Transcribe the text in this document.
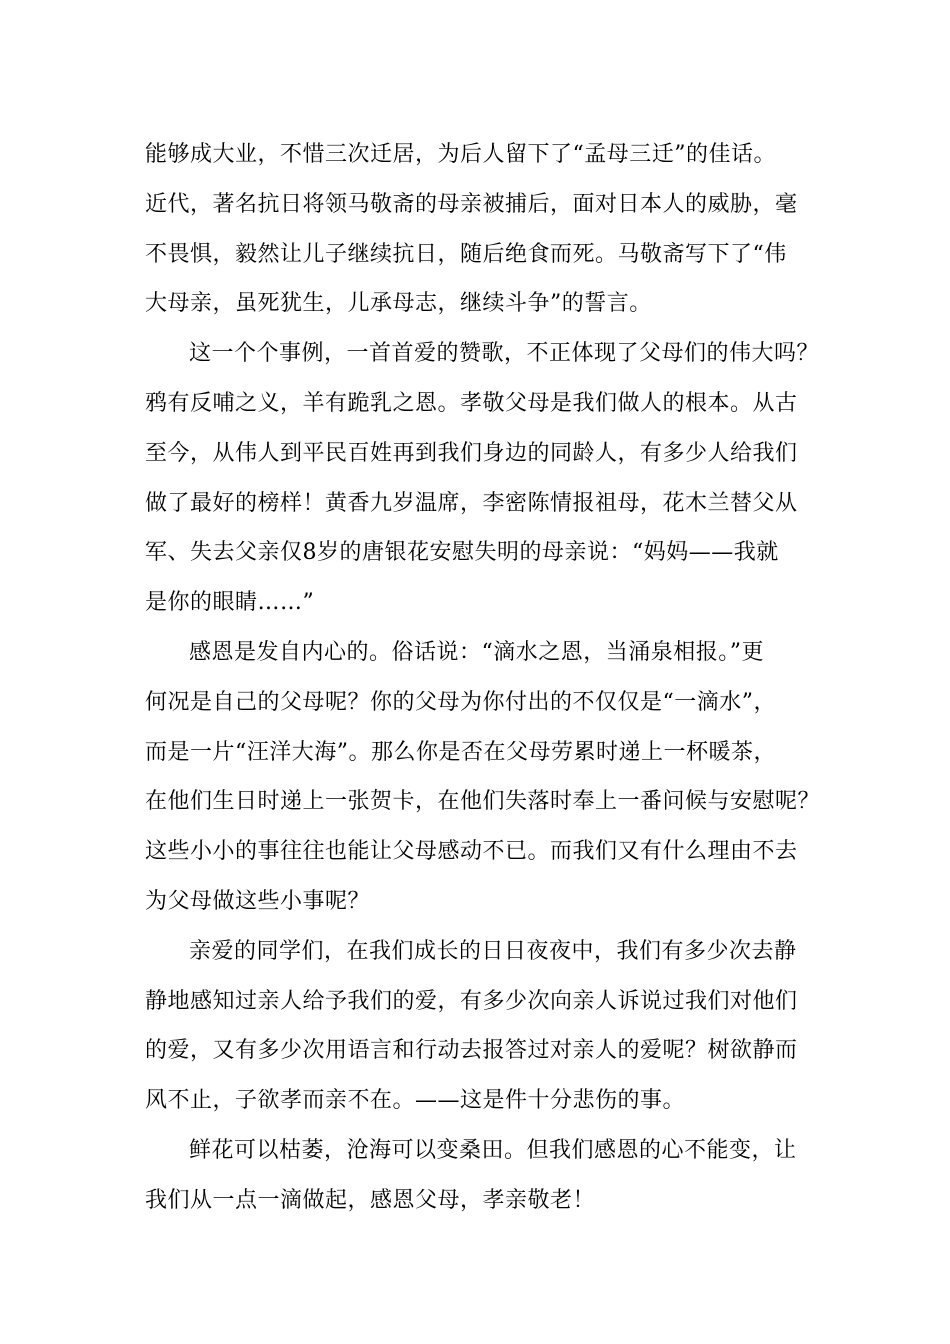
能够成大业，不惜三次迁居，为后人留下了“孟母三迁”的佳话。
近代，著名抗日将领马敬斋的母亲被捕后，面对日本人的威胁，毫
不畏惧，毅然让儿子继续抗日，随后绝食而死。马敬斋写下了“伟
大母亲，虽死犹生，儿承母志，继续斗争”的誓言。
这一个个事例，一首首爱的赞歌，不正体现了父母们的伟大吗？
鸦有反哺之义，羊有跪乳之恩。孝敬父母是我们做人的根本。从古
至今，从伟人到平民百姓再到我们身边的同龄人，有多少人给我们
做了最好的榜样！黄香九岁温席，李密陈情报祖母，花木兰替父从
军、失去父亲仅8岁的唐银花安慰失明的母亲说：“妈妈——我就
是你的眼睛……”
感恩是发自内心的。俗话说：“滴水之恩，当涌泉相报。”更
何况是自己的父母呢？你的父母为你付出的不仅仅是“一滴水”，
而是一片“汪洋大海”。那么你是否在父母劳累时递上一杯暖茶，
在他们生日时递上一张贺卡，在他们失落时奉上一番问候与安慰呢？
这些小小的事往往也能让父母感动不已。而我们又有什么理由不去
为父母做这些小事呢？
亲爱的同学们，在我们成长的日日夜夜中，我们有多少次去静
静地感知过亲人给予我们的爱，有多少次向亲人诉说过我们对他们
的爱，又有多少次用语言和行动去报答过对亲人的爱呢？树欲静而
风不止，子欲孝而亲不在。——这是件十分悲伤的事。
鲜花可以枯萎，沧海可以变桑田。但我们感恩的心不能变，让
我们从一点一滴做起，感恩父母，孝亲敬老！
